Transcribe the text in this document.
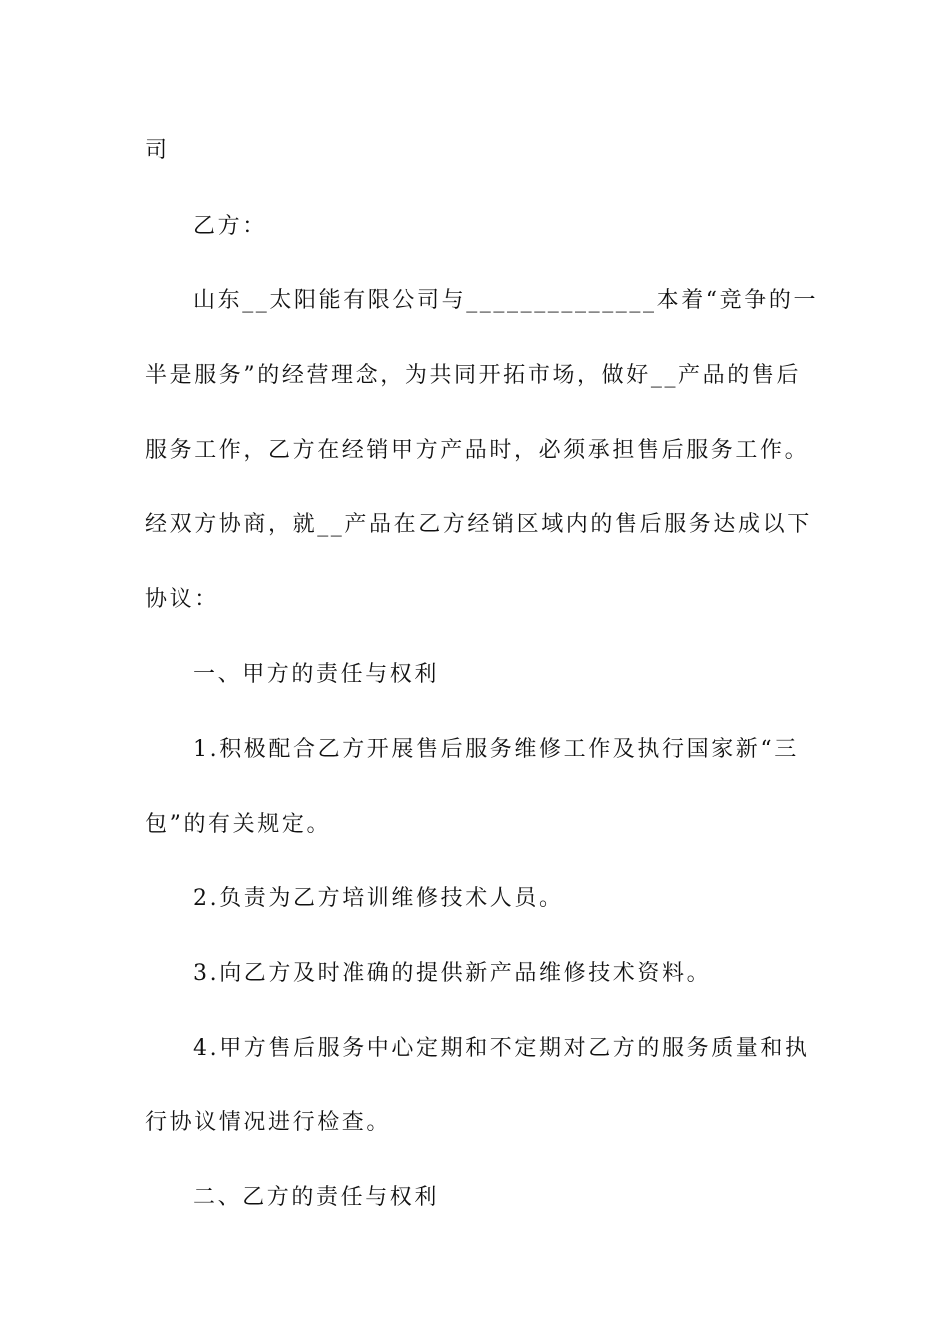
司
乙方：
山东__太阳能有限公司与______________本着“竞争的一
半是服务”的经营理念，为共同开拓市场，做好__产品的售后
服务工作，乙方在经销甲方产品时，必须承担售后服务工作。
经双方协商，就__产品在乙方经销区域内的售后服务达成以下
协议：
一、甲方的责任与权利
1.积极配合乙方开展售后服务维修工作及执行国家新“三
包”的有关规定。
2.负责为乙方培训维修技术人员。
3.向乙方及时准确的提供新产品维修技术资料。
4.甲方售后服务中心定期和不定期对乙方的服务质量和执
行协议情况进行检查。
二、乙方的责任与权利
